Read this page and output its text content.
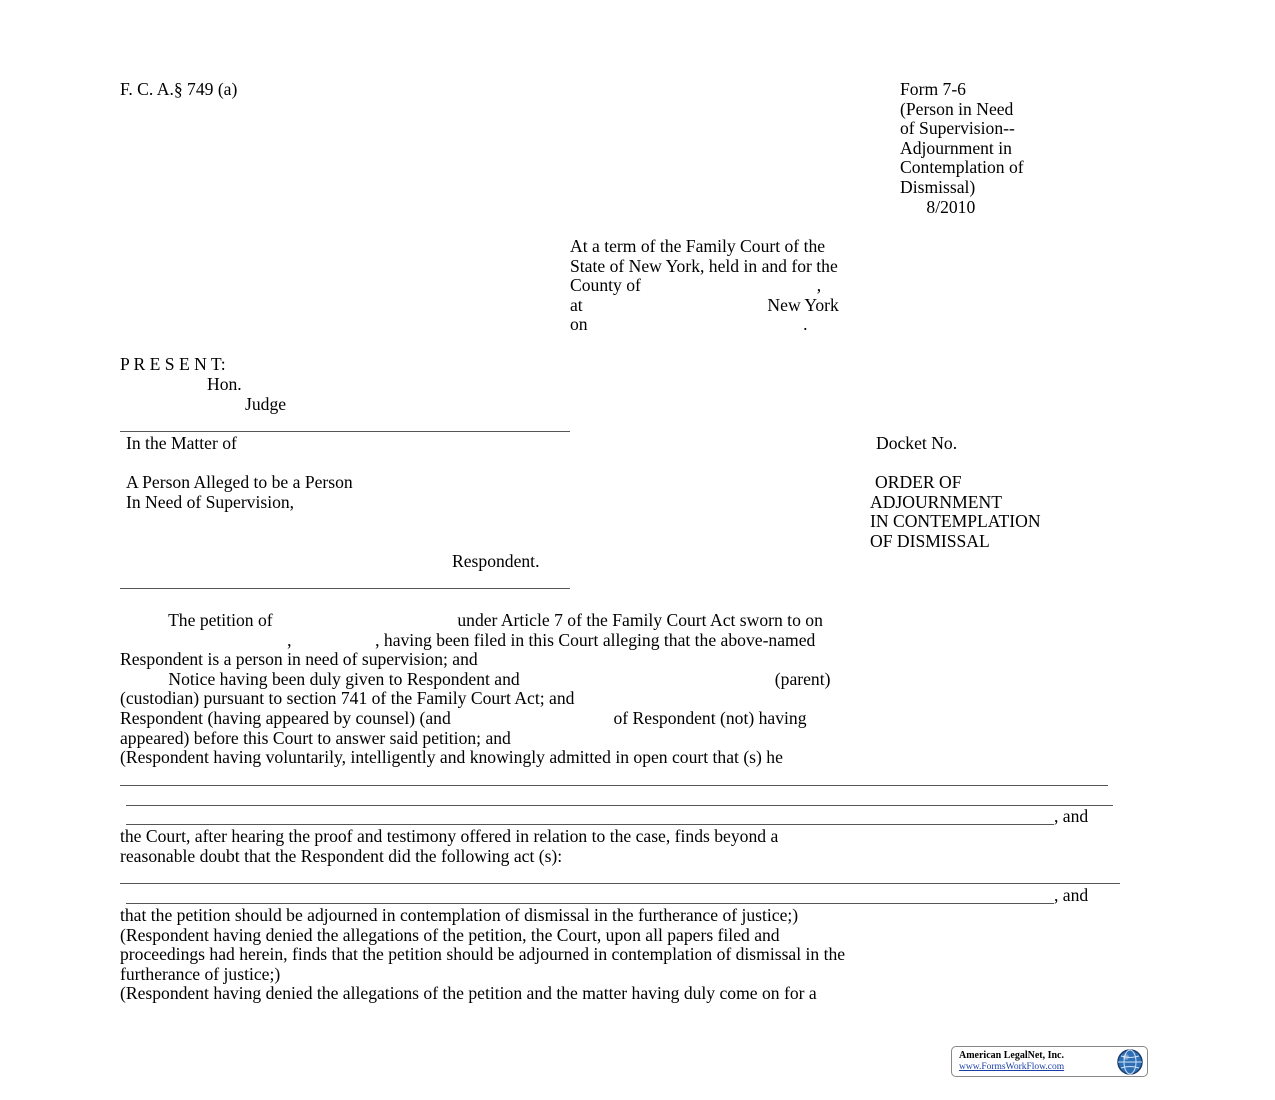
F. C. A.§ 749 (a)	Form 7-6
(Person in Need
of Supervision--
Adjournment in
Contemplation of
Dismissal)
8/2010
At a term of the Family Court of the
State of New York, held in and for the
County of                                        ,
at                                          New York
on                                                 .
P R E S E N T:
Hon.
Judge
In the Matter of	Docket No.
A Person Alleged to be a Person
In Need of Supervision,
ORDER OF
ADJOURNMENT
IN CONTEMPLATION
OF DISMISSAL
Respondent.
The petition of                                          under Article 7 of the Family Court Act sworn to on
,                   , having been filed in this Court alleging that the above-named
Respondent is a person in need of supervision; and
Notice having been duly given to Respondent and                                                          (parent)
(custodian) pursuant to section 741 of the Family Court Act; and
Respondent (having appeared by counsel) (and                                     of Respondent (not) having
appeared) before this Court to answer said petition; and
(Respondent having voluntarily, intelligently and knowingly admitted in open court that (s) he
, and
the Court, after hearing the proof and testimony offered in relation to the case, finds beyond a
reasonable doubt that the Respondent did the following act (s):
, and
that the petition should be adjourned in contemplation of dismissal in the furtherance of justice;)
(Respondent having denied the allegations of the petition, the Court, upon all papers filed and
proceedings had herein, finds that the petition should be adjourned in contemplation of dismissal in the
furtherance of justice;)
(Respondent having denied the allegations of the petition and the matter having duly come on for a
American LegalNet, Inc.
www.FormsWorkFlow.com
